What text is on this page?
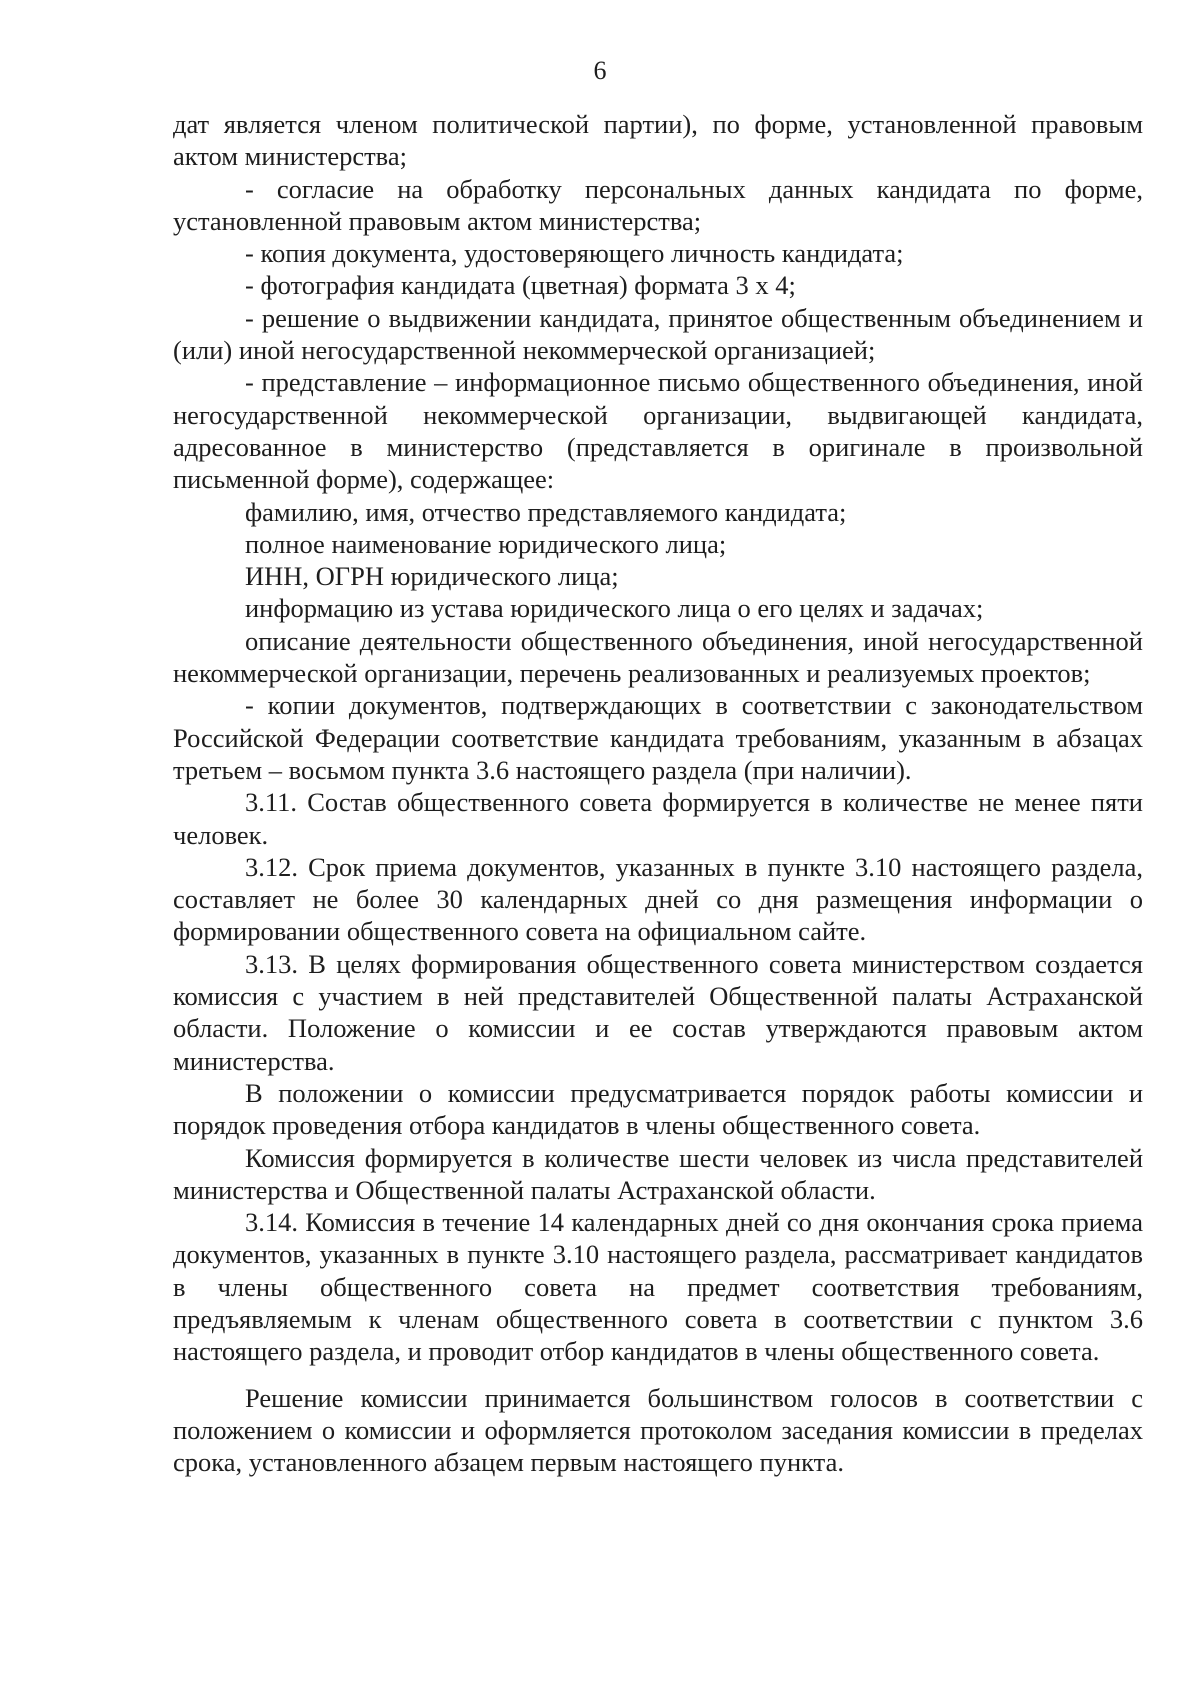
6

дат является членом политической партии), по форме, установленной правовым актом министерства;

- согласие на обработку персональных данных кандидата по форме, установленной правовым актом министерства;

- копия документа, удостоверяющего личность кандидата;

- фотография кандидата (цветная) формата 3 х 4;

- решение о выдвижении кандидата, принятое общественным объединением и (или) иной негосударственной некоммерческой организацией;

- представление – информационное письмо общественного объединения, иной негосударственной некоммерческой организации, выдвигающей кандидата, адресованное в министерство (представляется в оригинале в произвольной письменной форме), содержащее:

фамилию, имя, отчество представляемого кандидата;

полное наименование юридического лица;

ИНН, ОГРН юридического лица;

информацию из устава юридического лица о его целях и задачах;

описание деятельности общественного объединения, иной негосударственной некоммерческой организации, перечень реализованных и реализуемых проектов;

- копии документов, подтверждающих в соответствии с законодательством Российской Федерации соответствие кандидата требованиям, указанным в абзацах третьем – восьмом пункта 3.6 настоящего раздела (при наличии).

3.11. Состав общественного совета формируется в количестве не менее пяти человек.

3.12. Срок приема документов, указанных в пункте 3.10 настоящего раздела, составляет не более 30 календарных дней со дня размещения информации о формировании общественного совета на официальном сайте.

3.13. В целях формирования общественного совета министерством создается комиссия с участием в ней представителей Общественной палаты Астраханской области. Положение о комиссии и ее состав утверждаются правовым актом министерства.

В положении о комиссии предусматривается порядок работы комиссии и порядок проведения отбора кандидатов в члены общественного совета.

Комиссия формируется в количестве шести человек из числа представителей министерства и Общественной палаты Астраханской области.

3.14. Комиссия в течение 14 календарных дней со дня окончания срока приема документов, указанных в пункте 3.10 настоящего раздела, рассматривает кандидатов в члены общественного совета на предмет соответствия требованиям, предъявляемым к членам общественного совета в соответствии с пунктом 3.6 настоящего раздела, и проводит отбор кандидатов в члены общественного совета.

Решение комиссии принимается большинством голосов в соответствии с положением о комиссии и оформляется протоколом заседания комиссии в пределах срока, установленного абзацем первым настоящего пункта.
